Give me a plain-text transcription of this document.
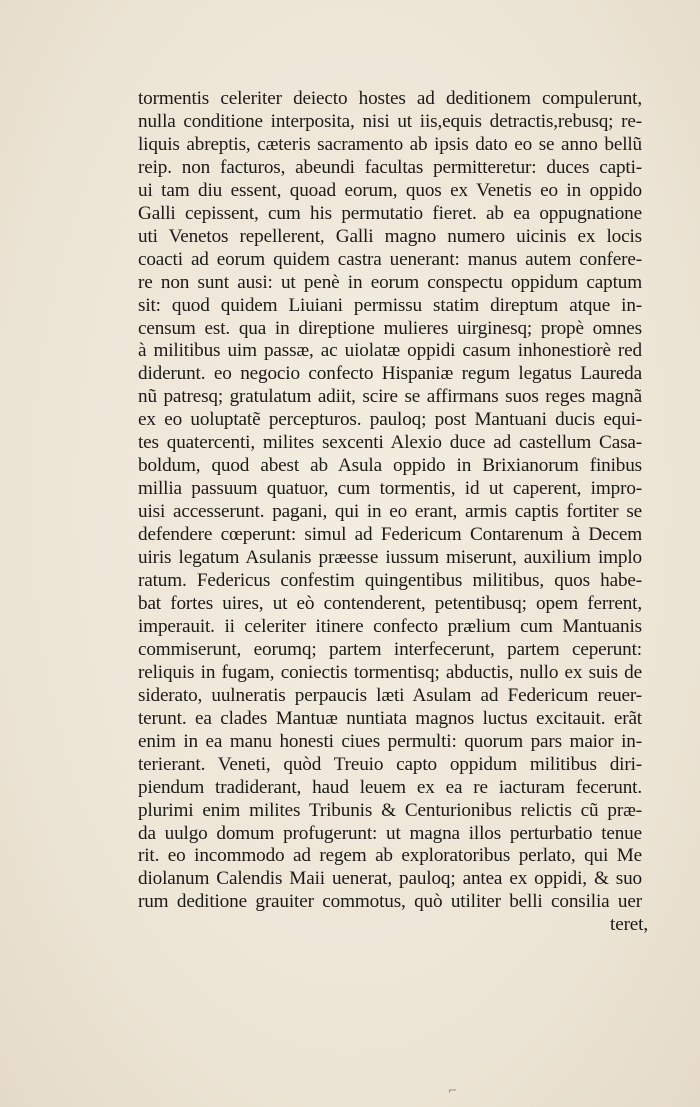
tormentis celeriter deiecto hostes ad deditionem compulerunt,
nulla conditione interposita, nisi ut iis,equis detractis,rebusq; re-
liquis abreptis, cæteris sacramento ab ipsis dato eo se anno bellũ
reip. non facturos, abeundi facultas permitteretur: duces capti-
ui tam diu essent, quoad eorum, quos ex Venetis eo in oppido
Galli cepissent, cum his permutatio fieret. ab ea oppugnatione
uti Venetos repellerent, Galli magno numero uicinis ex locis
coacti ad eorum quidem castra uenerant: manus autem confere-
re non sunt ausi: ut penè in eorum conspectu oppidum captum
sit: quod quidem Liuiani permissu statim direptum atque in-
censum est. qua in direptione mulieres uirginesq; propè omnes
à militibus uim passæ, ac uiolatæ oppidi casum inhonestiorè red
diderunt. eo negocio confecto Hispaniæ regum legatus Laureda
nũ patresq; gratulatum adiit, scire se affirmans suos reges magnã
ex eo uoluptatẽ percepturos. pauloq; post Mantuani ducis equi-
tes quatercenti, milites sexcenti Alexio duce ad castellum Casa-
boldum, quod abest ab Asula oppido in Brixianorum finibus
millia passuum quatuor, cum tormentis, id ut caperent, impro-
uisi accesserunt. pagani, qui in eo erant, armis captis fortiter se
defendere cœperunt: simul ad Federicum Contarenum à Decem
uiris legatum Asulanis præesse iussum miserunt, auxilium implo
ratum. Federicus confestim quingentibus militibus, quos habe-
bat fortes uires, ut eò contenderent, petentibusq; opem ferrent,
imperauit. ii celeriter itinere confecto prælium cum Mantuanis
commiserunt, eorumq; partem interfecerunt, partem ceperunt:
reliquis in fugam, coniectis tormentisq; abductis, nullo ex suis de
siderato, uulneratis perpaucis læti Asulam ad Federicum reuer-
terunt. ea clades Mantuæ nuntiata magnos luctus excitauit. erãt
enim in ea manu honesti ciues permulti: quorum pars maior in-
terierant. Veneti, quòd Treuio capto oppidum militibus diri-
piendum tradiderant, haud leuem ex ea re iacturam fecerunt.
plurimi enim milites Tribunis & Centurionibus relictis cũ præ-
da uulgo domum profugerunt: ut magna illos perturbatio tenue
rit. eo incommodo ad regem ab exploratoribus perlato, qui Me
diolanum Calendis Maii uenerat, pauloq; antea ex oppidi, & suo
rum deditione grauiter commotus, quò utiliter belli consilia uer
teret,
⌐
